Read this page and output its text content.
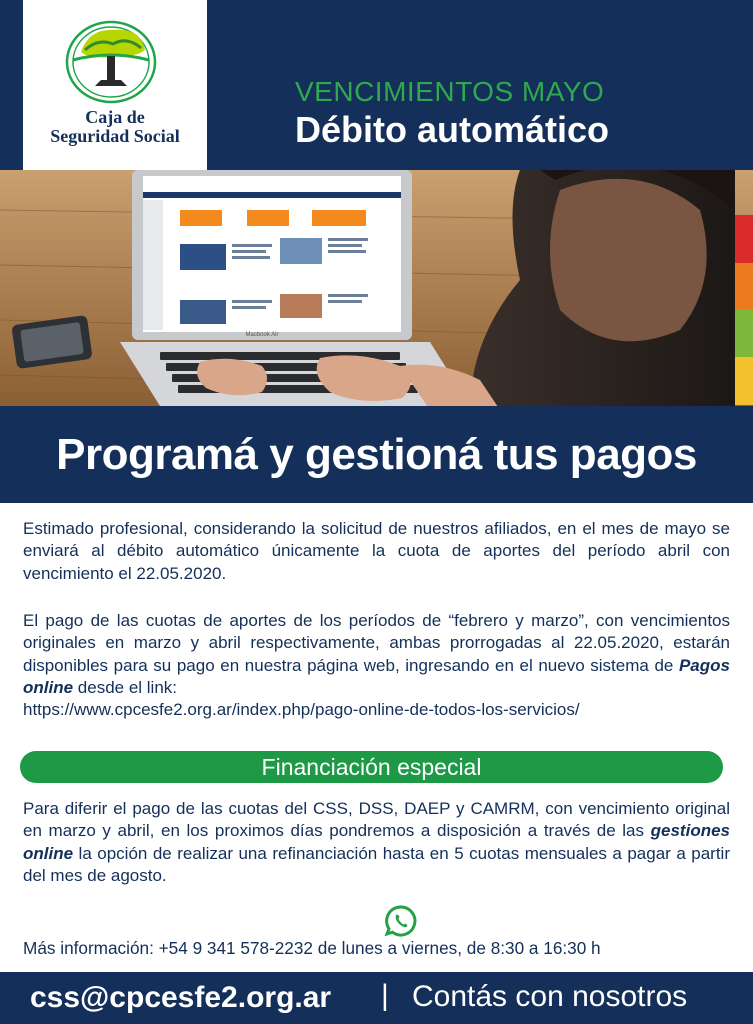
Caja de
Seguridad Social
VENCIMIENTOS MAYO
Débito automático
Macbook Air
Programá y gestioná tus pagos

Estimado profesional, considerando la solicitud de nuestros afiliados, en el mes de mayo se enviará al débito automático únicamente la cuota de aportes del período abril con vencimiento el 22.05.2020.

El pago de las cuotas de aportes de los períodos de “febrero y marzo”, con vencimientos originales en marzo y abril respectivamente, ambas prorrogadas al 22.05.2020, estarán disponibles para su pago en nuestra página web, ingresando en el nuevo sistema de Pagos online desde el link:
https://www.cpcesfe2.org.ar/index.php/pago-online-de-todos-los-servicios/

Financiación especial

Para diferir el pago de las cuotas del CSS, DSS, DAEP y CAMRM, con vencimiento original en marzo y abril, en los proximos días pondremos a disposición a través de las gestiones online la opción de realizar una refinanciación hasta en 5 cuotas mensuales a pagar a partir del mes de agosto.

Más información: +54 9 341 578-2232 de lunes a viernes, de 8:30 a 16:30 h
css@cpcesfe2.org.ar | Contás con nosotros
